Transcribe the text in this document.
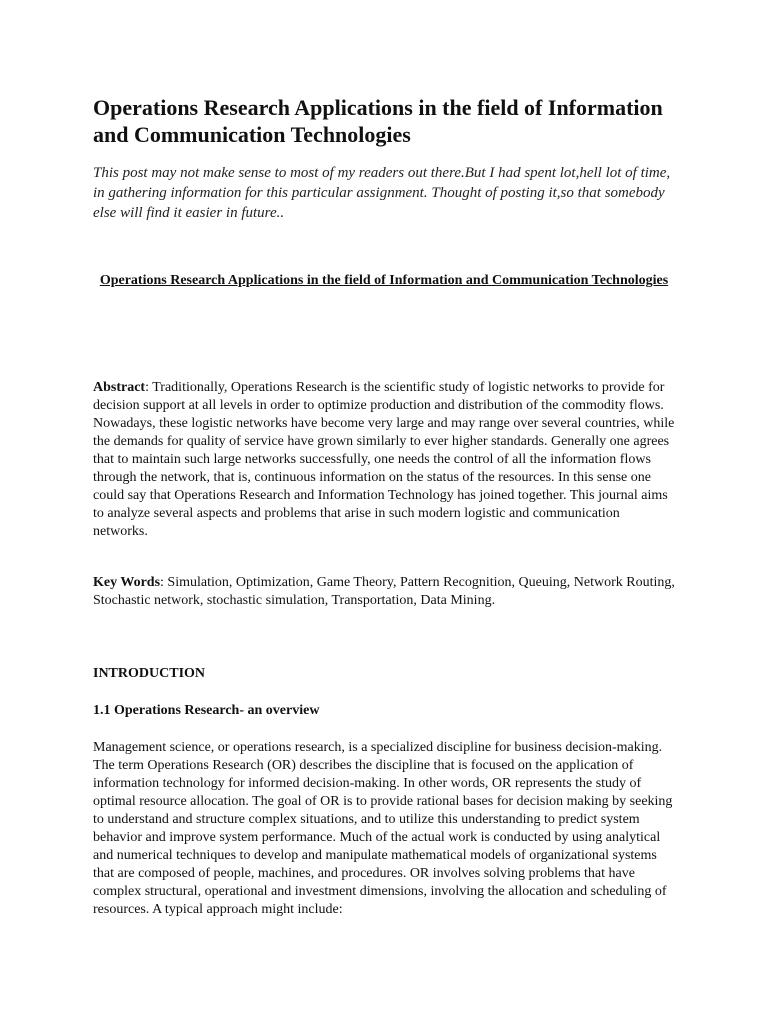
Operations Research Applications in the field of Information and Communication Technologies

This post may not make sense to most of my readers out there.But I had spent lot,hell lot of time, in gathering information for this particular assignment. Thought of posting it,so that somebody else will find it easier in future..

Operations Research Applications in the field of Information and Communication Technologies

Abstract: Traditionally, Operations Research is the scientific study of logistic networks to provide for decision support at all levels in order to optimize production and distribution of the commodity flows. Nowadays, these logistic networks have become very large and may range over several countries, while the demands for quality of service have grown similarly to ever higher standards. Generally one agrees that to maintain such large networks successfully, one needs the control of all the information flows through the network, that is, continuous information on the status of the resources. In this sense one could say that Operations Research and Information Technology has joined together. This journal aims to analyze several aspects and problems that arise in such modern logistic and communication networks.

Key Words: Simulation, Optimization, Game Theory, Pattern Recognition, Queuing, Network Routing, Stochastic network, stochastic simulation, Transportation, Data Mining.

INTRODUCTION
1.1 Operations Research- an overview

Management science, or operations research, is a specialized discipline for business decision-making. The term Operations Research (OR) describes the discipline that is focused on the application of information technology for informed decision-making. In other words, OR represents the study of optimal resource allocation. The goal of OR is to provide rational bases for decision making by seeking to understand and structure complex situations, and to utilize this understanding to predict system behavior and improve system performance. Much of the actual work is conducted by using analytical and numerical techniques to develop and manipulate mathematical models of organizational systems that are composed of people, machines, and procedures. OR involves solving problems that have complex structural, operational and investment dimensions, involving the allocation and scheduling of resources. A typical approach might include:
